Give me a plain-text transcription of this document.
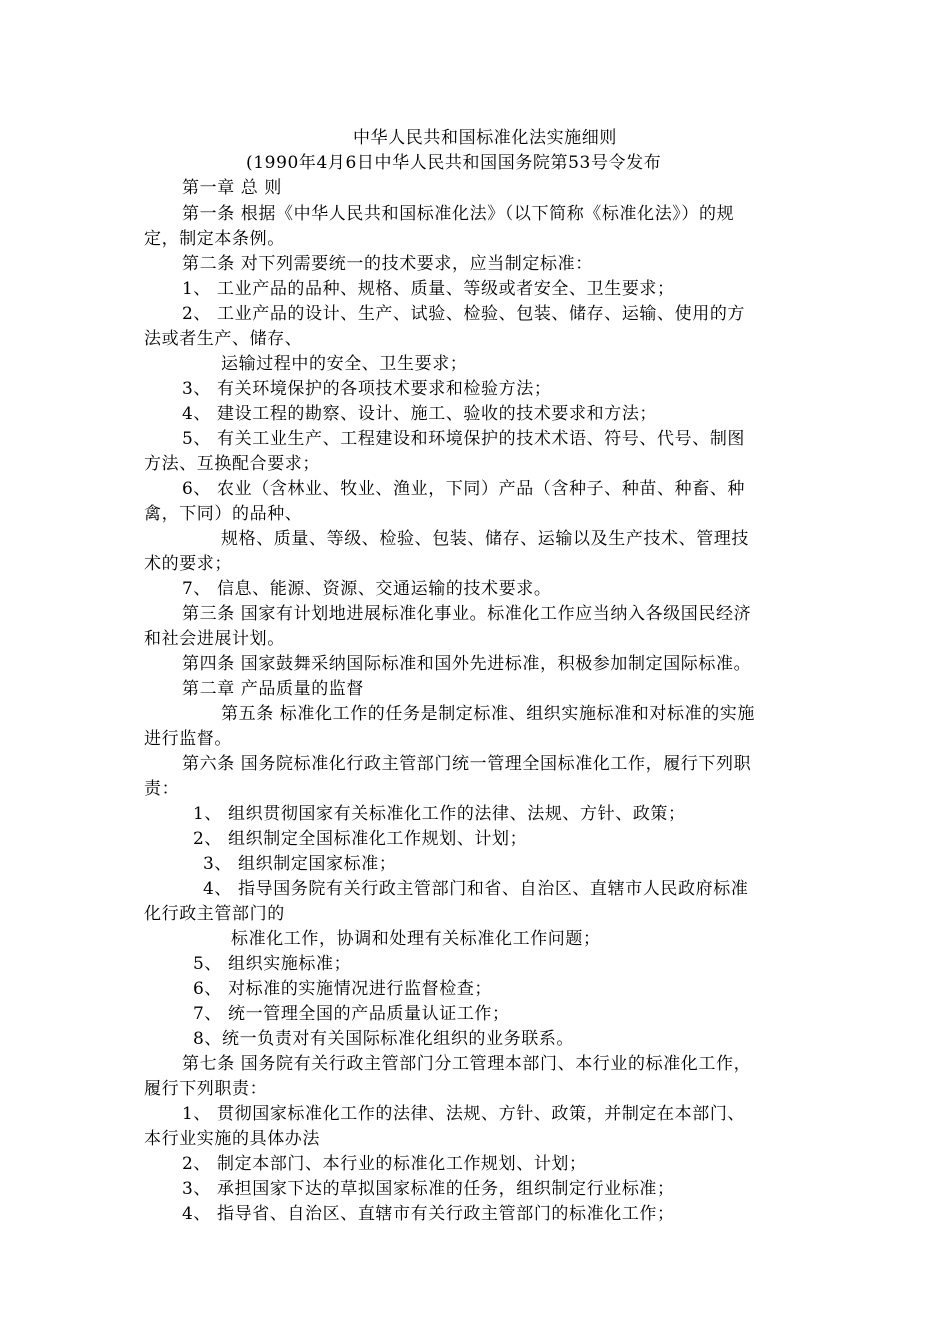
中华人民共和国标准化法实施细则
(1990年4月6日中华人民共和国国务院第53号令发布
第一章 总 则
第一条 根据《中华人民共和国标准化法》（以下简称《标准化法》）的规
定，制定本条例。
第二条 对下列需要统一的技术要求，应当制定标准：
1、 工业产品的品种、规格、质量、等级或者安全、卫生要求；
2、 工业产品的设计、生产、试验、检验、包装、储存、运输、使用的方
法或者生产、储存、
运输过程中的安全、卫生要求；
3、 有关环境保护的各项技术要求和检验方法；
4、 建设工程的勘察、设计、施工、验收的技术要求和方法；
5、 有关工业生产、工程建设和环境保护的技术术语、符号、代号、制图
方法、互换配合要求；
6、 农业（含林业、牧业、渔业，下同）产品（含种子、种苗、种畜、种
禽，下同）的品种、
规格、质量、等级、检验、包装、储存、运输以及生产技术、管理技
术的要求；
7、 信息、能源、资源、交通运输的技术要求。
第三条 国家有计划地进展标准化事业。标准化工作应当纳入各级国民经济
和社会进展计划。
第四条 国家鼓舞采纳国际标准和国外先进标准，积极参加制定国际标准。
第二章 产品质量的监督
第五条 标准化工作的任务是制定标准、组织实施标准和对标准的实施
进行监督。
第六条 国务院标准化行政主管部门统一管理全国标准化工作，履行下列职
责：
1、 组织贯彻国家有关标准化工作的法律、法规、方针、政策；
2、 组织制定全国标准化工作规划、计划；
3、 组织制定国家标准；
4、 指导国务院有关行政主管部门和省、自治区、直辖市人民政府标准
化行政主管部门的
标准化工作，协调和处理有关标准化工作问题；
5、 组织实施标准；
6、 对标准的实施情况进行监督检查；
7、 统一管理全国的产品质量认证工作；
8、统一负责对有关国际标准化组织的业务联系。
第七条 国务院有关行政主管部门分工管理本部门、本行业的标准化工作，
履行下列职责：
1、 贯彻国家标准化工作的法律、法规、方针、政策，并制定在本部门、
本行业实施的具体办法
2、 制定本部门、本行业的标准化工作规划、计划；
3、 承担国家下达的草拟国家标准的任务，组织制定行业标准；
4、 指导省、自治区、直辖市有关行政主管部门的标准化工作；
